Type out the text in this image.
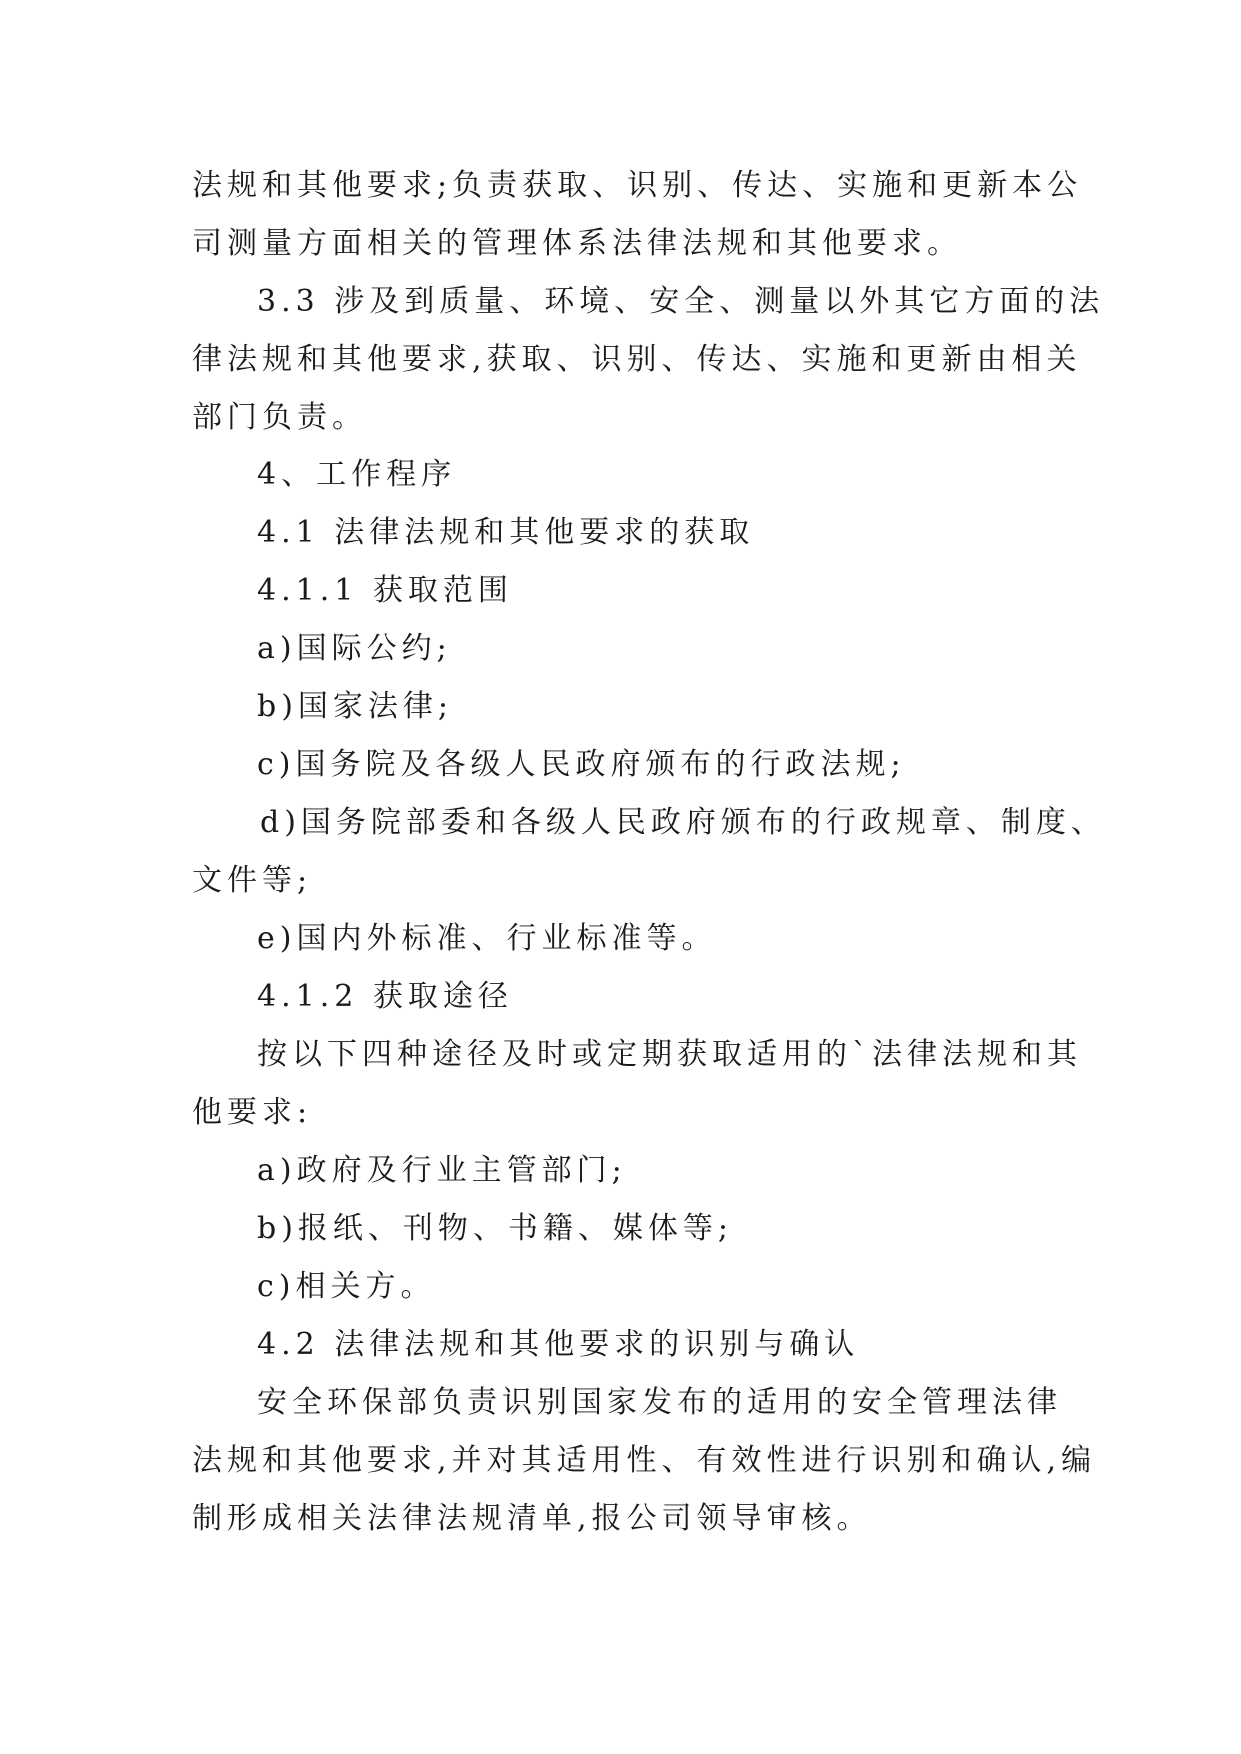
法规和其他要求;负责获取、识别、传达、实施和更新本公
司测量方面相关的管理体系法律法规和其他要求。
3.3 涉及到质量、环境、安全、测量以外其它方面的法
律法规和其他要求,获取、识别、传达、实施和更新由相关
部门负责。
4、工作程序
4.1 法律法规和其他要求的获取
4.1.1 获取范围
a)国际公约;
b)国家法律;
c)国务院及各级人民政府颁布的行政法规;
d)国务院部委和各级人民政府颁布的行政规章、制度、
文件等;
e)国内外标准、行业标准等。
4.1.2 获取途径
按以下四种途径及时或定期获取适用的`法律法规和其
他要求:
a)政府及行业主管部门;
b)报纸、刊物、书籍、媒体等;
c)相关方。
4.2 法律法规和其他要求的识别与确认
安全环保部负责识别国家发布的适用的安全管理法律
法规和其他要求,并对其适用性、有效性进行识别和确认,编
制形成相关法律法规清单,报公司领导审核。
